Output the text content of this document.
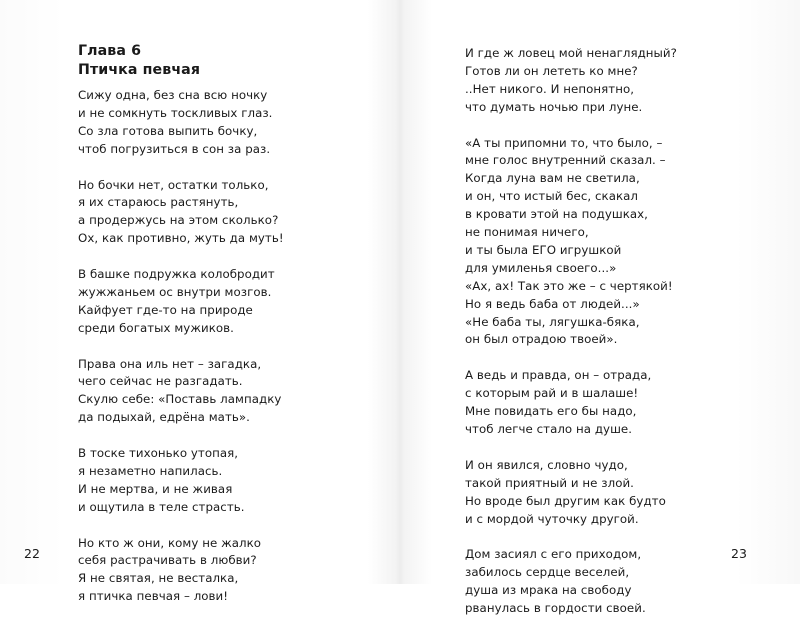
Глава 6
Птичка певчая
Сижу одна, без сна всю ночку
и не сомкнуть тоскливых глаз.
Со зла готова выпить бочку,
чтоб погрузиться в сон за раз.
Но бочки нет, остатки только,
я их стараюсь растянуть,
а продержусь на этом сколько?
Ох, как противно, жуть да муть!
В башке подружка колобродит
жужжаньем ос внутри мозгов.
Кайфует где-то на природе
среди богатых мужиков.
Права она иль нет – загадка,
чего сейчас не разгадать.
Скулю себе: «Поставь лампадку
да подыхай, едрёна мать».
В тоске тихонько утопая,
я незаметно напилась.
И не мертва, и не живая
и ощутила в теле страсть.
Но кто ж они, кому не жалко
себя растрачивать в любви?
Я не святая, не весталка,
я птичка певчая – лови!
22
И где ж ловец мой ненаглядный?
Готов ли он лететь ко мне?
..Нет никого. И непонятно,
что думать ночью при луне.
«А ты припомни то, что было, –
мне голос внутренний сказал. –
Когда луна вам не светила,
и он, что истый бес, скакал
в кровати этой на подушках,
не понимая ничего,
и ты была ЕГО игрушкой
для умиленья своего...»
«Ах, ах! Так это же – с чертякой!
Но я ведь баба от людей...»
«Не баба ты, лягушка-бяка,
он был отрадою твоей».
А ведь и правда, он – отрада,
с которым рай и в шалаше!
Мне повидать его бы надо,
чтоб легче стало на душе.
И он явился, словно чудо,
такой приятный и не злой.
Но вроде был другим как будто
и с мордой чуточку другой.
Дом засиял с его приходом,
забилось сердце веселей,
душа из мрака на свободу
рванулась в гордости своей.
23
